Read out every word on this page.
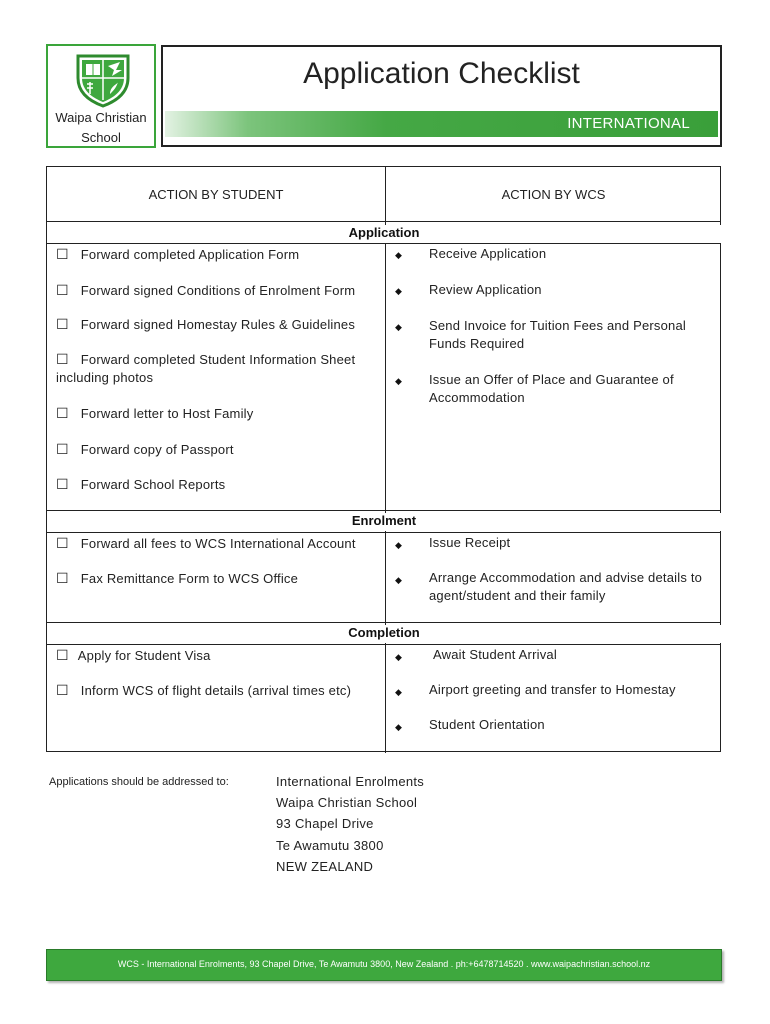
Waipa Christian School
Application Checklist
INTERNATIONAL
ACTION BY STUDENT	ACTION BY WCS
Application
☐ Forward completed Application Form
☐ Forward signed Conditions of Enrolment Form
☐ Forward signed Homestay Rules & Guidelines
☐ Forward completed Student Information Sheet including photos
☐ Forward letter to Host Family
☐ Forward copy of Passport
☐ Forward School Reports
◆ Receive Application
◆ Review Application
◆ Send Invoice for Tuition Fees and Personal Funds Required
◆ Issue an Offer of Place and Guarantee of Accommodation
Enrolment
☐ Forward all fees to WCS International Account
☐ Fax Remittance Form to WCS Office
◆ Issue Receipt
◆ Arrange Accommodation and advise details to agent/student and their family
Completion
☐ Apply for Student Visa
☐ Inform WCS of flight details (arrival times etc)
◆ Await Student Arrival
◆ Airport greeting and transfer to Homestay
◆ Student Orientation
Applications should be addressed to:	International Enrolments
Waipa Christian School
93 Chapel Drive
Te Awamutu 3800
NEW ZEALAND
WCS - International Enrolments, 93 Chapel Drive, Te Awamutu 3800, New Zealand . ph:+6478714520 . www.waipachristian.school.nz
